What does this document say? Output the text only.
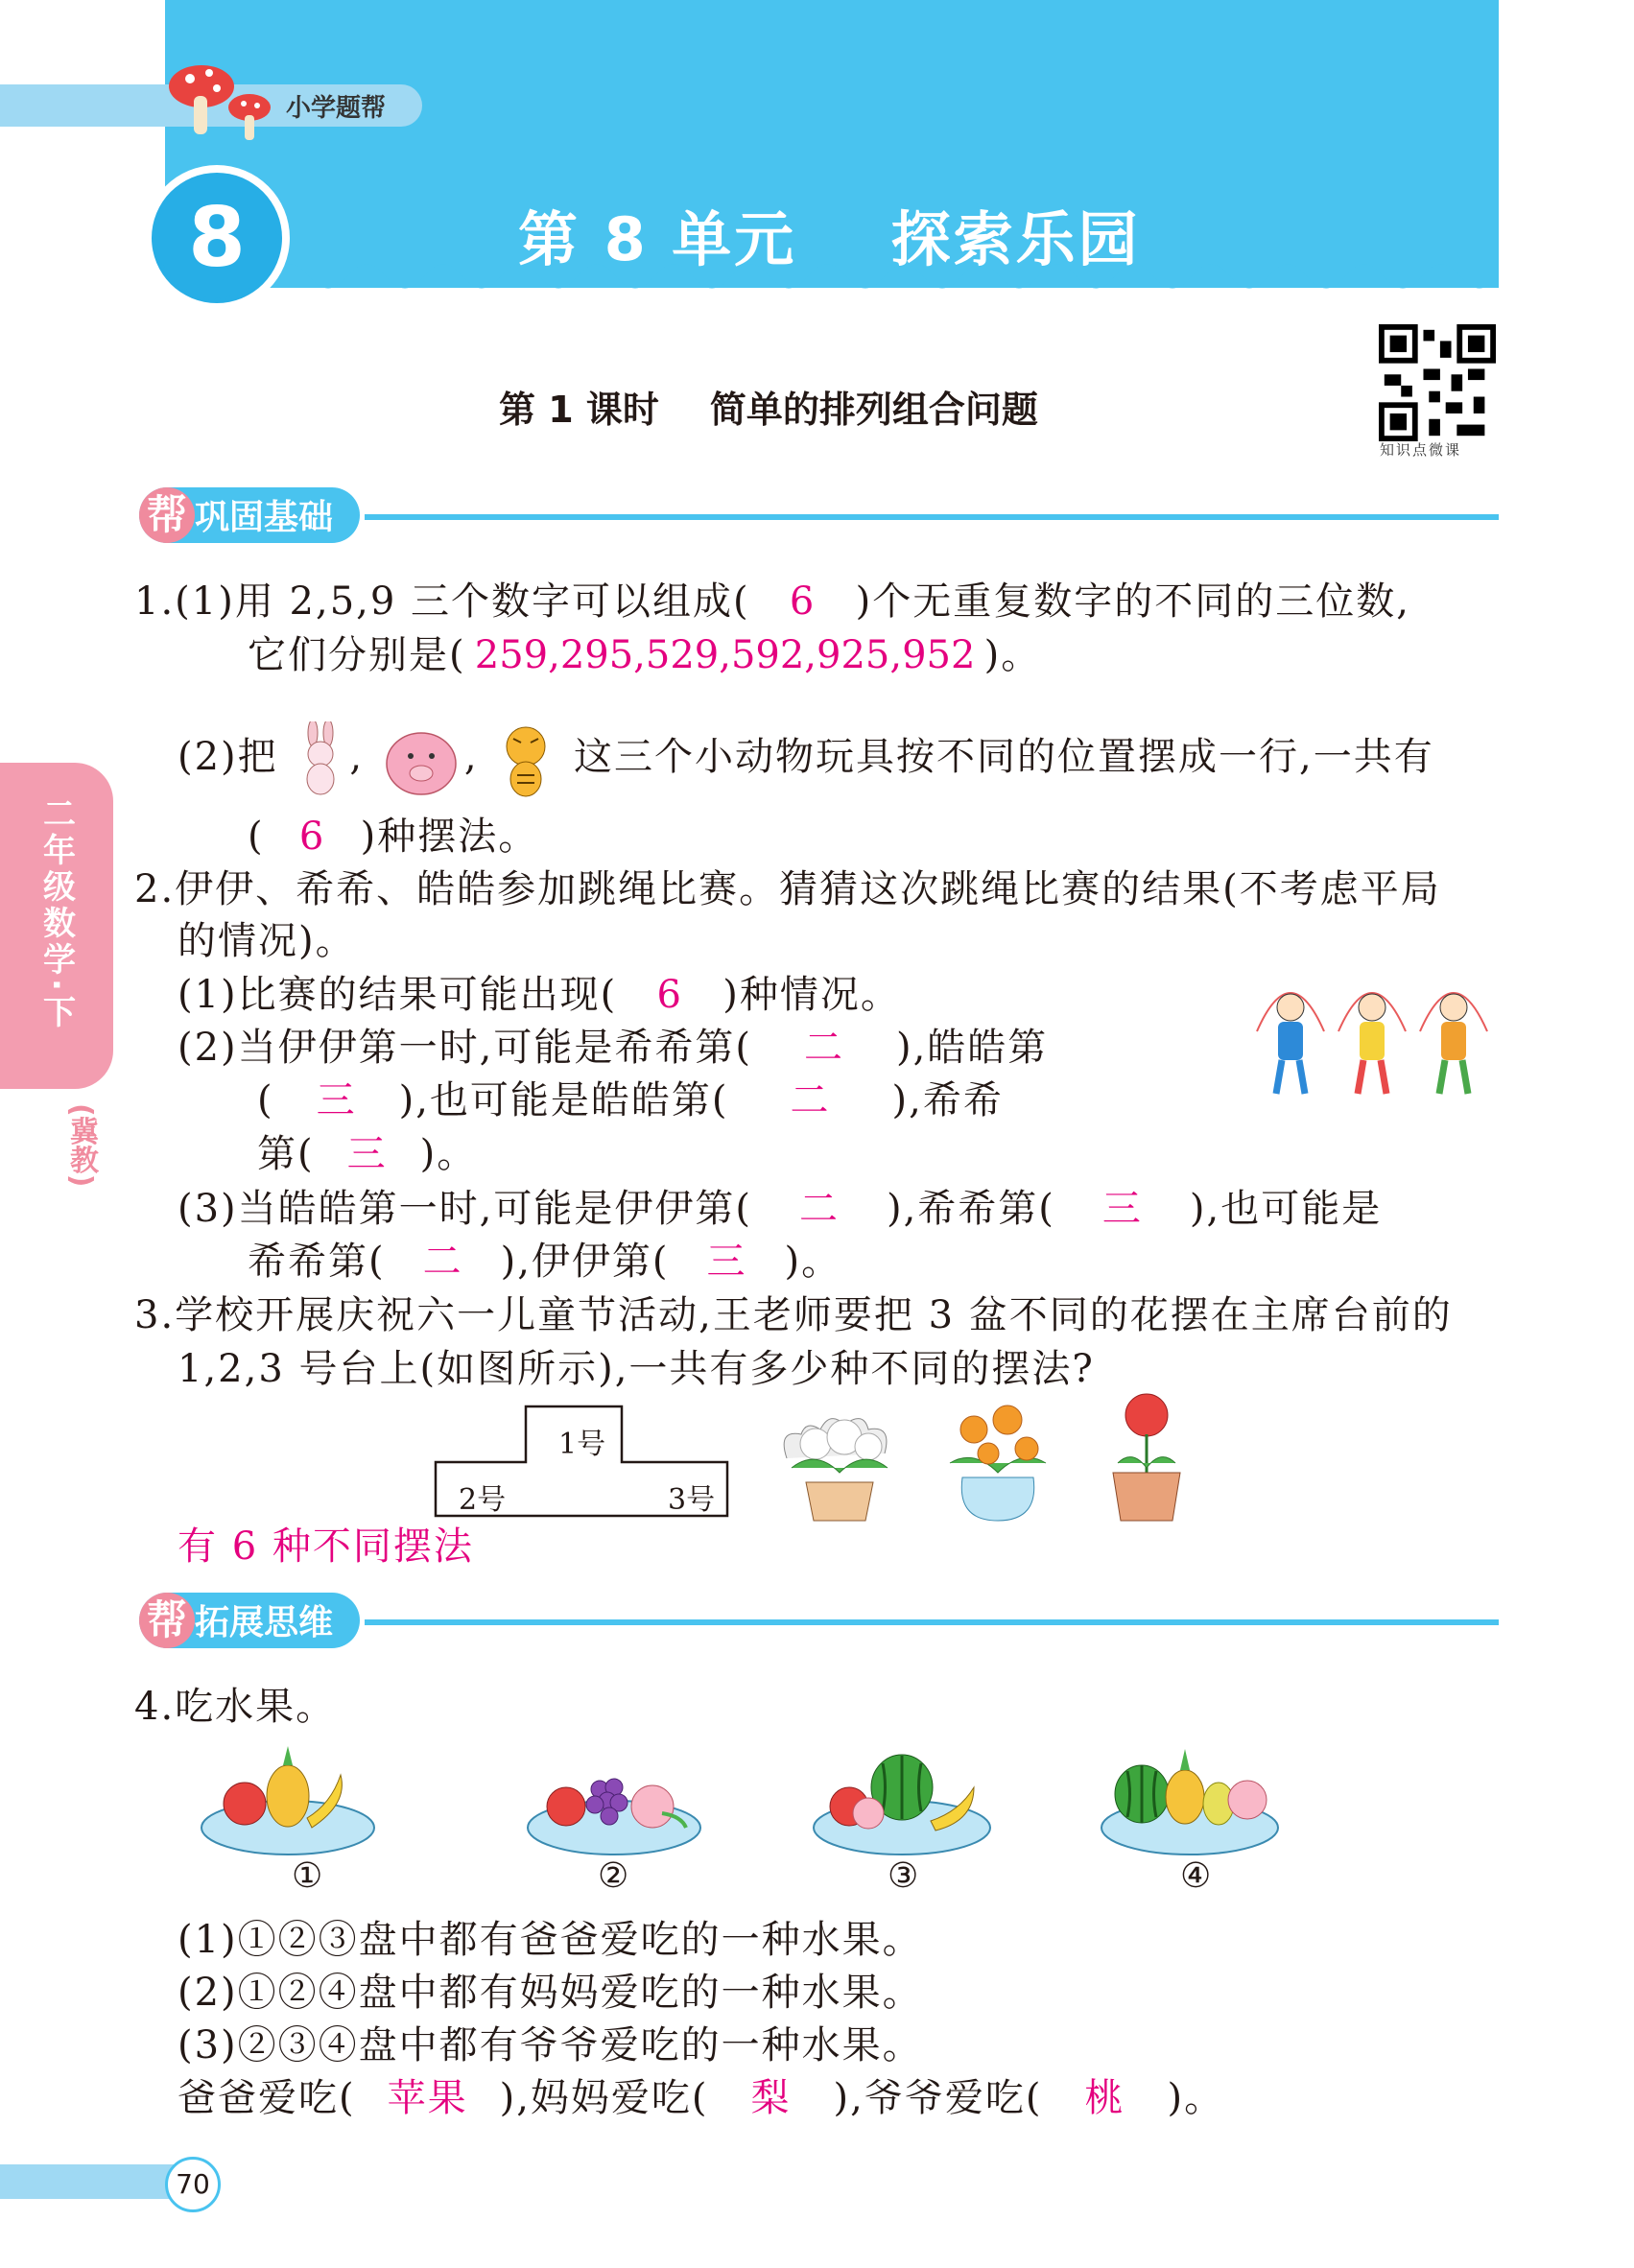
小学题帮
8	第 8 单元    探索乐园
第 1 课时    简单的排列组合问题
知识点微课
二年级数学·下
(冀教)
帮 巩固基础
1.(1)用 2,5,9 三个数字可以组成( 6 )个无重复数字的不同的三位数,
它们分别是( 259,295,529,592,925,952 )。
(2)把 ,	, 这三个小动物玩具按不同的位置摆成一行,一共有
( 6 )种摆法。
2.伊伊、希希、皓皓参加跳绳比赛。猜猜这次跳绳比赛的结果(不考虑平局
的情况)。
(1)比赛的结果可能出现( 6 )种情况。
(2)当伊伊第一时,可能是希希第( 二 ),皓皓第
( 三 ),也可能是皓皓第( 二 ),希希
第( 三 )。
(3)当皓皓第一时,可能是伊伊第( 二 ),希希第( 三 ),也可能是
希希第( 二 ),伊伊第( 三 )。
3.学校开展庆祝六一儿童节活动,王老师要把 3 盆不同的花摆在主席台前的
1,2,3 号台上(如图所示),一共有多少种不同的摆法?
1号
2号	3号
有 6 种不同摆法
帮 拓展思维
4.吃水果。
①	②	③	④
(1)①②③盘中都有爸爸爱吃的一种水果。
(2)①②④盘中都有妈妈爱吃的一种水果。
(3)②③④盘中都有爷爷爱吃的一种水果。
爸爸爱吃( 苹果 ),妈妈爱吃( 梨 ),爷爷爱吃( 桃 )。
70
